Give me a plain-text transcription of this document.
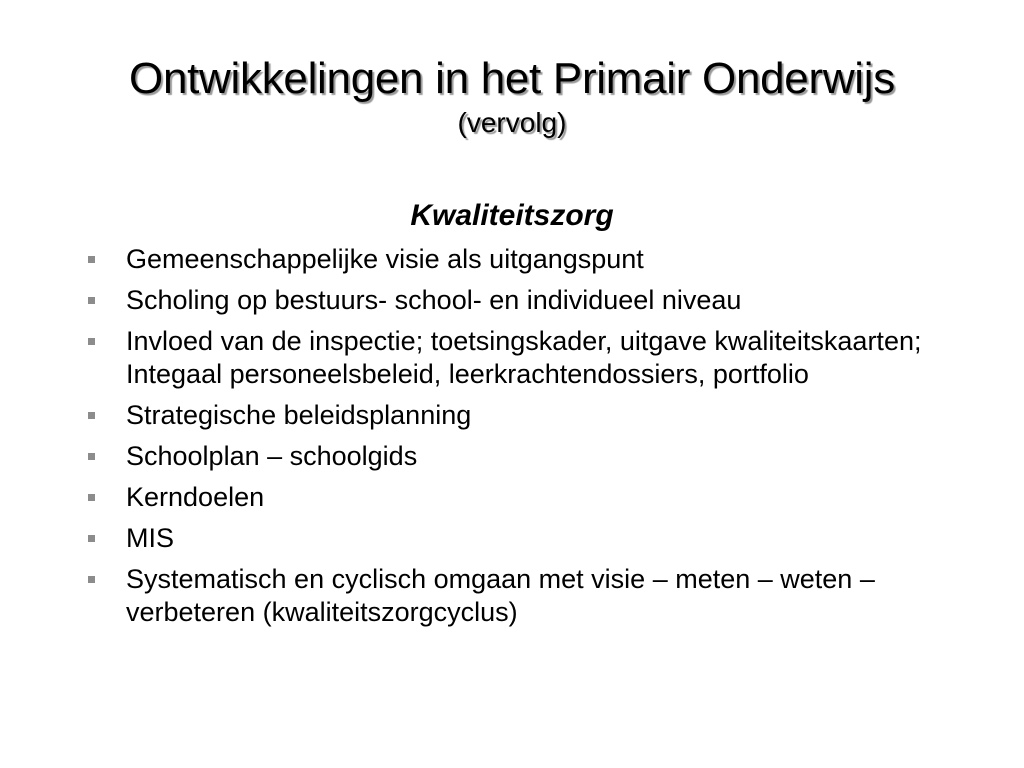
Ontwikkelingen in het Primair Onderwijs

(vervolg)

Kwaliteitszorg
Gemeenschappelijke visie als uitgangspunt
Scholing op bestuurs- school- en individueel niveau
Invloed van de inspectie; toetsingskader, uitgave kwaliteitskaarten; Integaal personeelsbeleid, leerkrachtendossiers, portfolio
Strategische beleidsplanning
Schoolplan – schoolgids
Kerndoelen
MIS
Systematisch en cyclisch omgaan met visie – meten – weten – verbeteren (kwaliteitszorgcyclus)
